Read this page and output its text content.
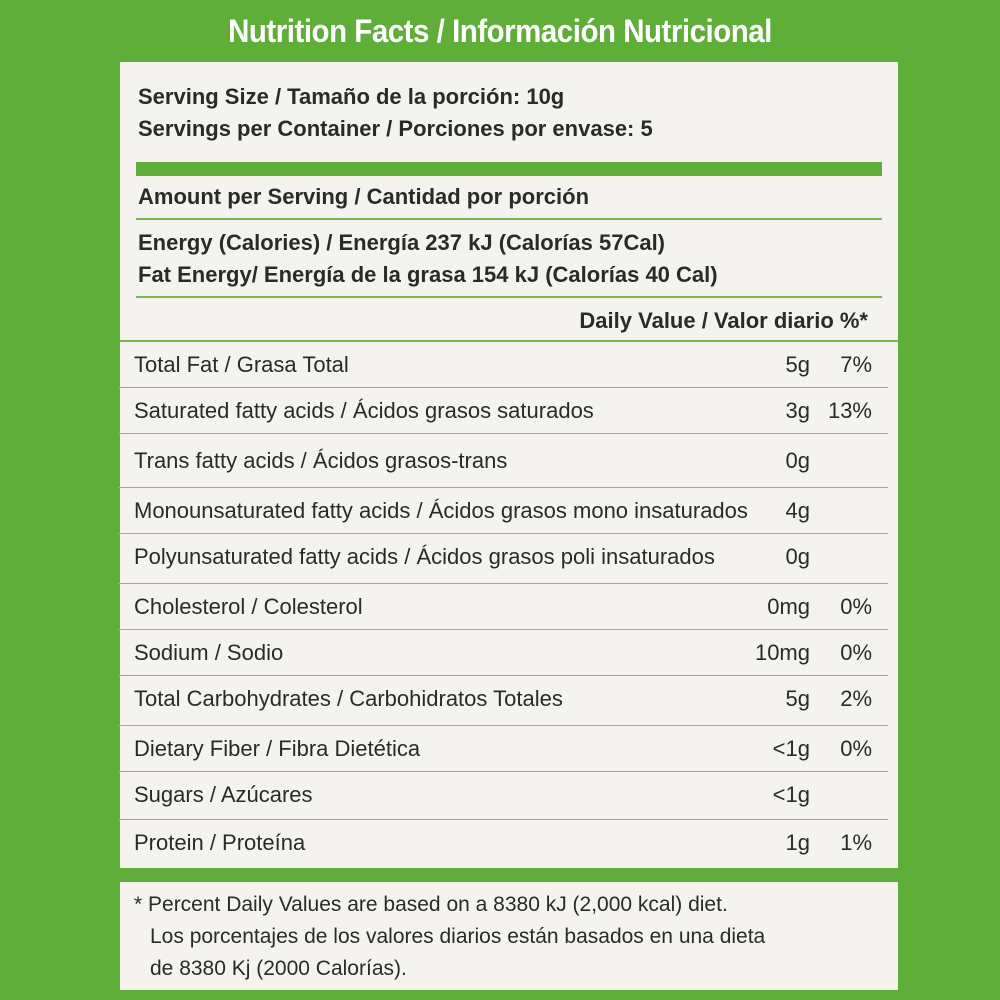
Nutrition Facts / Información Nutricional
Serving Size / Tamaño de la porción: 10g
Servings per Container / Porciones por envase: 5
Amount per Serving / Cantidad por porción
Energy (Calories) / Energía 237 kJ (Calorías 57Cal)
Fat Energy/ Energía de la grasa 154 kJ (Calorías 40 Cal)
Daily Value / Valor diario %*
Total Fat / Grasa Total	5g	7%
Saturated fatty acids / Ácidos grasos saturados	3g 13%
Trans fatty acids / Ácidos grasos-trans	0g
Monounsaturated fatty acids / Ácidos grasos mono insaturados 4g
Polyunsaturated fatty acids / Ácidos grasos poli insaturados	0g
Cholesterol / Colesterol	0mg	0%
Sodium / Sodio	10mg	0%
Total Carbohydrates / Carbohidratos Totales	5g	2%
Dietary Fiber / Fibra Dietética	<1g	0%
Sugars / Azúcares	<1g
Protein / Proteína	1g	1%
* Percent Daily Values are based on a 8380 kJ (2,000 kcal) diet.
Los porcentajes de los valores diarios están basados en una dieta
de 8380 Kj (2000 Calorías).
